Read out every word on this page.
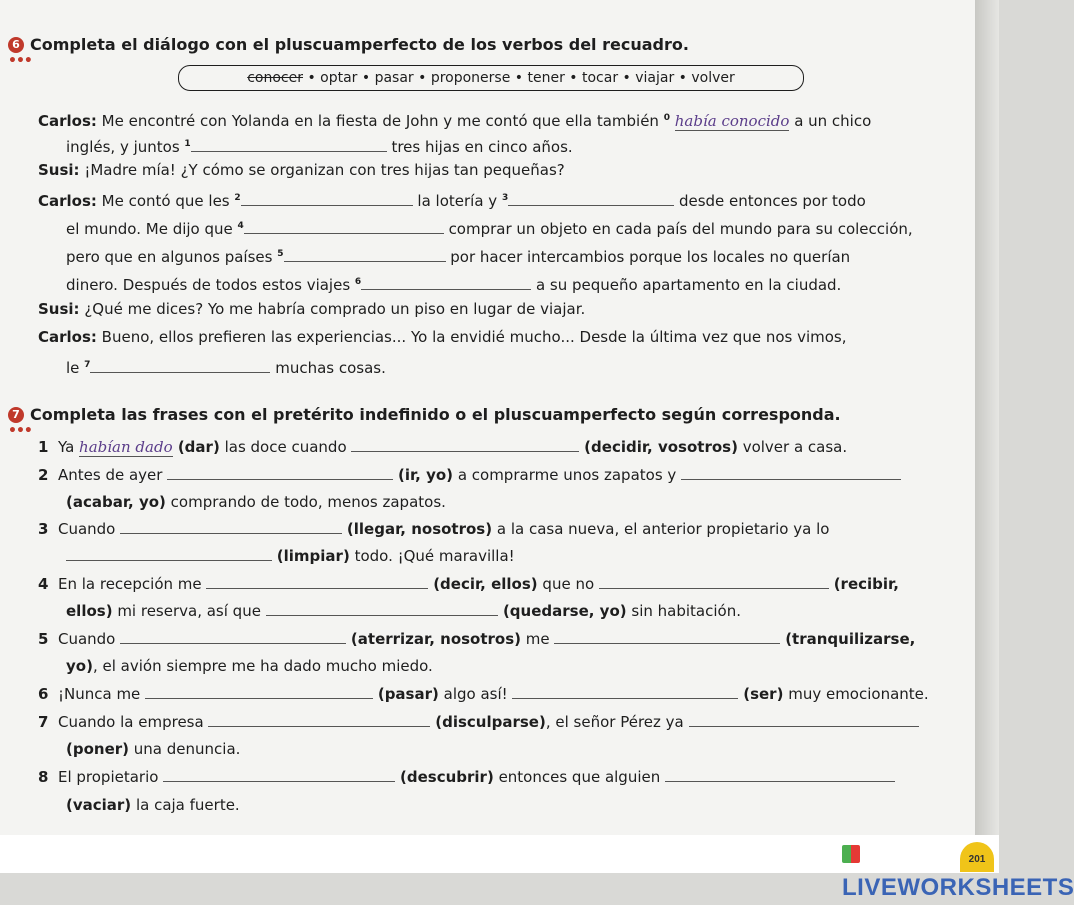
6
•••
Completa el diálogo con el pluscuamperfecto de los verbos del recuadro.
conocer • optar • pasar • proponerse • tener • tocar • viajar • volver
Carlos: Me encontré con Yolanda en la fiesta de John y me contó que ella también $^0$ había conocido a un chico
inglés, y juntos $^1$	tres hijas en cinco años.
Susi: ¡Madre mía! ¿Y cómo se organizan con tres hijas tan pequeñas?
Carlos: Me contó que les $^2$	la lotería y $^3$	desde entonces por todo
el mundo. Me dijo que $^4$	comprar un objeto en cada país del mundo para su colección,
pero que en algunos países $^5$	por hacer intercambios porque los locales no querían
dinero. Después de todos estos viajes $^6$	a su pequeño apartamento en la ciudad.
Susi: ¿Qué me dices? Yo me habría comprado un piso en lugar de viajar.
Carlos: Bueno, ellos prefieren las experiencias... Yo la envidié mucho... Desde la última vez que nos vimos,
le $^7$	muchas cosas.
7
•••
Completa las frases con el pretérito indefinido o el pluscuamperfecto según corresponda.
1 Ya habían dado (dar) las doce cuando	(decidir, vosotros) volver a casa.
2 Antes de ayer	(ir, yo) a comprarme unos zapatos y
(acabar, yo) comprando de todo, menos zapatos.
3 Cuando	(llegar, nosotros) a la casa nueva, el anterior propietario ya lo
(limpiar) todo. ¡Qué maravilla!
4 En la recepción me	(decir, ellos) que no	(recibir,
ellos) mi reserva, así que	(quedarse, yo) sin habitación.
5 Cuando	(aterrizar, nosotros) me	(tranquilizarse,
yo), el avión siempre me ha dado mucho miedo.
6 ¡Nunca me	(pasar) algo así!	(ser) muy emocionante.
7 Cuando la empresa	(disculparse), el señor Pérez ya
(poner) una denuncia.
8 El propietario	(descubrir) entonces que alguien
(vaciar) la caja fuerte.
LIVEWORKSHEETS
201
